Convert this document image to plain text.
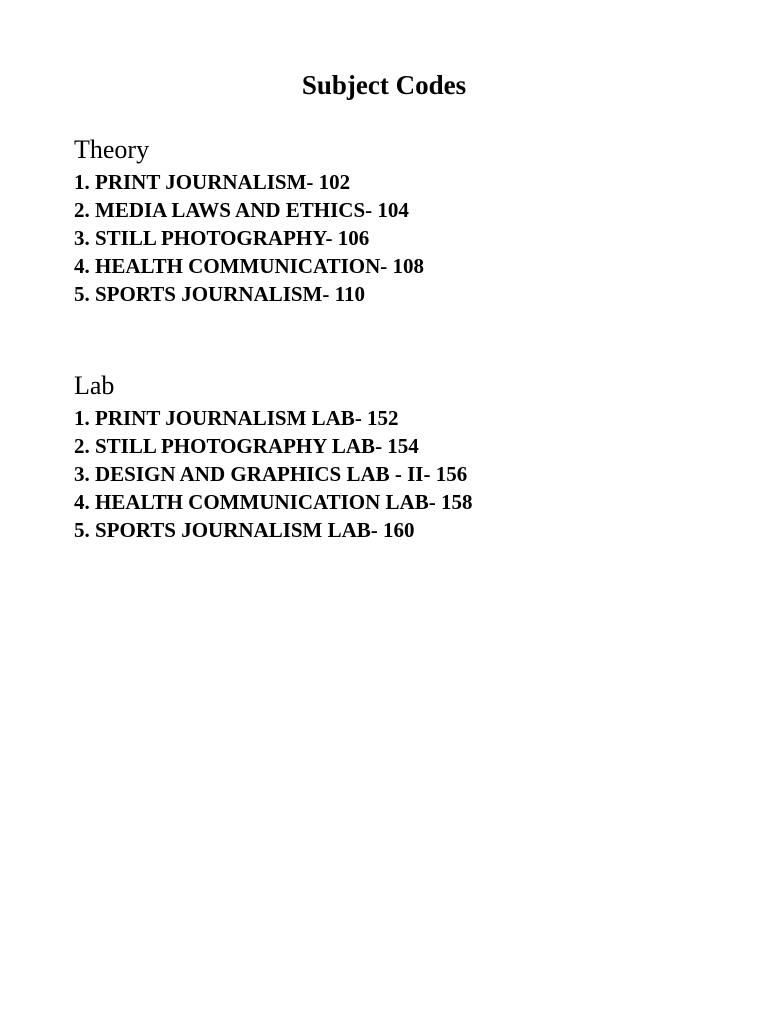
Subject Codes
Theory
1. PRINT JOURNALISM- 102
2. MEDIA LAWS AND ETHICS- 104
3. STILL PHOTOGRAPHY- 106
4. HEALTH COMMUNICATION- 108
5. SPORTS JOURNALISM- 110
Lab
1. PRINT JOURNALISM LAB- 152
2. STILL PHOTOGRAPHY LAB- 154
3. DESIGN AND GRAPHICS LAB - II- 156
4. HEALTH COMMUNICATION LAB- 158
5. SPORTS JOURNALISM LAB- 160
